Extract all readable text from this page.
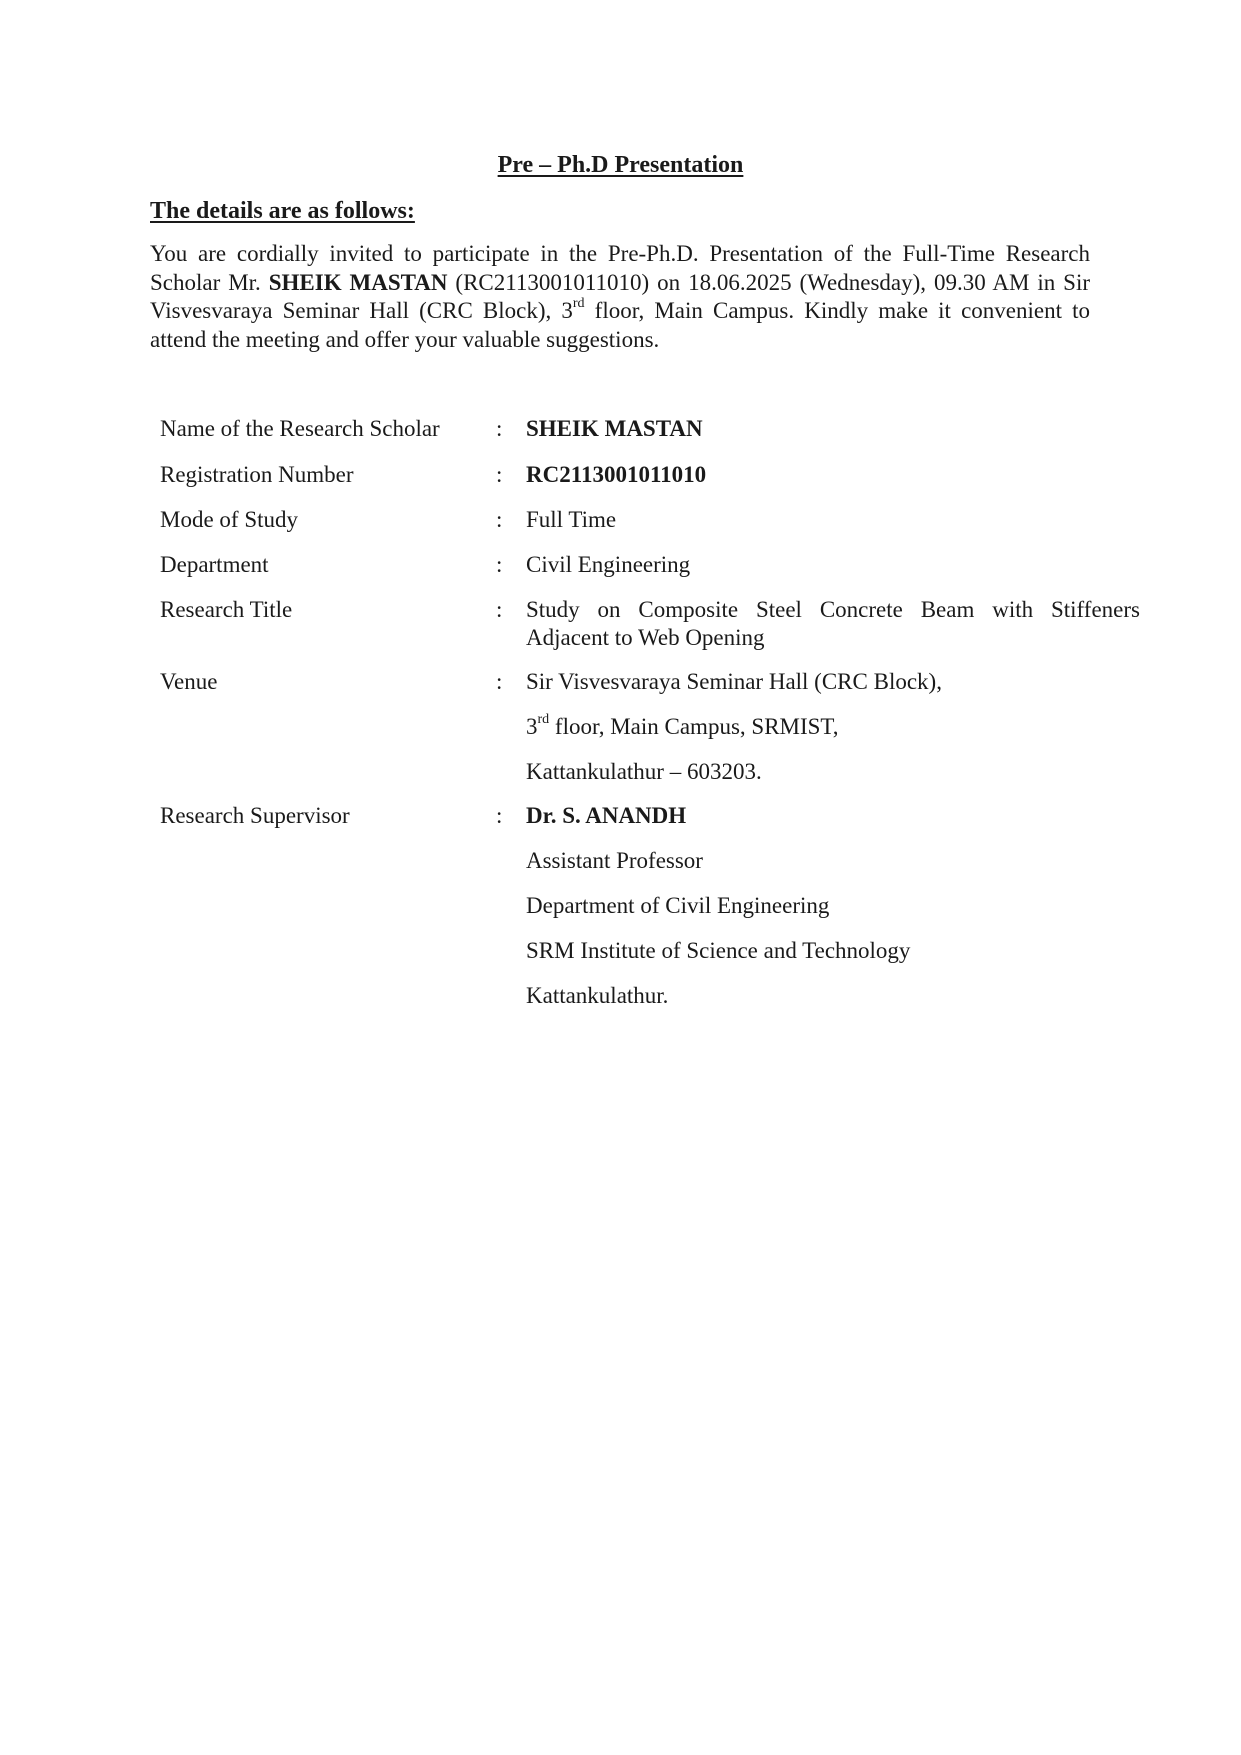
Pre – Ph.D Presentation
The details are as follows:
You are cordially invited to participate in the Pre-Ph.D. Presentation of the Full-Time Research Scholar Mr. SHEIK MASTAN (RC2113001011010) on 18.06.2025 (Wednesday), 09.30 AM in Sir Visvesvaraya Seminar Hall (CRC Block), 3rd floor, Main Campus. Kindly make it convenient to attend the meeting and offer your valuable suggestions.
Name of the Research Scholar	:	SHEIK MASTAN
Registration Number	:	RC2113001011010
Mode of Study	:	Full Time
Department	:	Civil Engineering
Research Title	:	Study on Composite Steel Concrete Beam with Stiffeners Adjacent to Web Opening
Venue	:	Sir Visvesvaraya Seminar Hall (CRC Block),
3rd floor, Main Campus, SRMIST,
Kattankulathur – 603203.
Research Supervisor	:	Dr. S. ANANDH
Assistant Professor
Department of Civil Engineering
SRM Institute of Science and Technology
Kattankulathur.
